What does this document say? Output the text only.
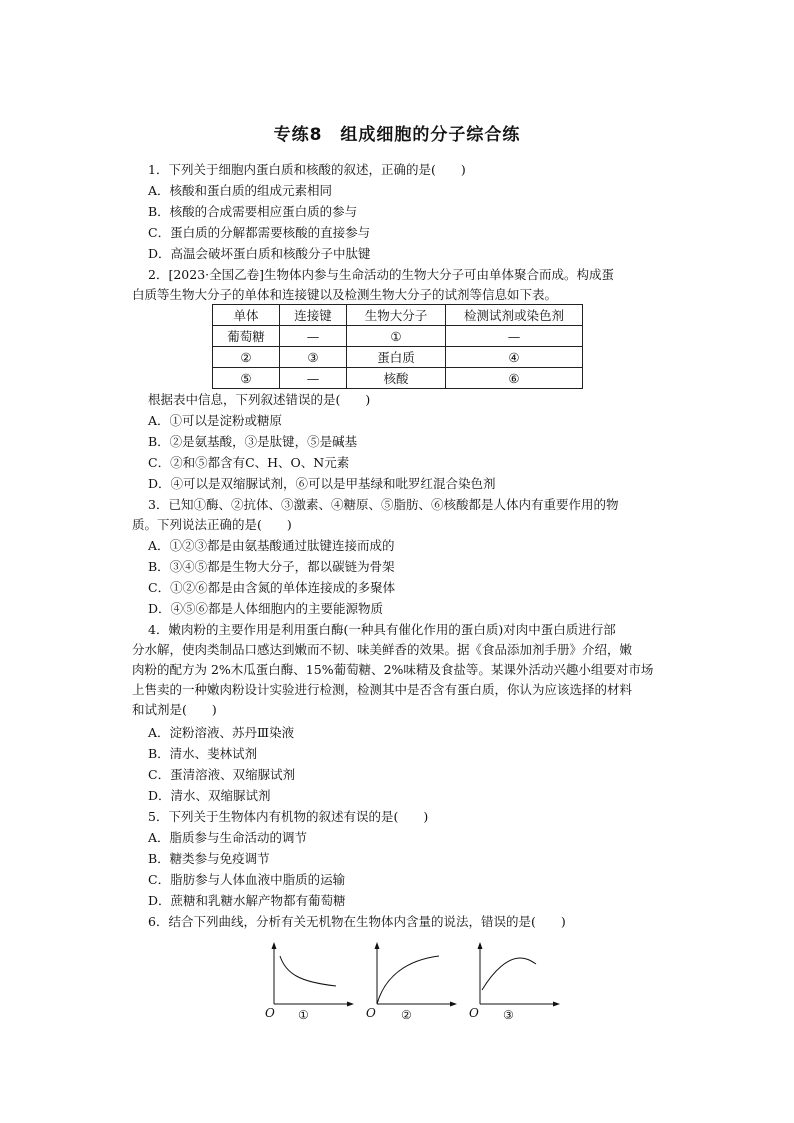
专练8　组成细胞的分子综合练
1．下列关于细胞内蛋白质和核酸的叙述，正确的是(　　)
A．核酸和蛋白质的组成元素相同
B．核酸的合成需要相应蛋白质的参与
C．蛋白质的分解都需要核酸的直接参与
D．高温会破坏蛋白质和核酸分子中肽键
2．[2023·全国乙卷]生物体内参与生命活动的生物大分子可由单体聚合而成。构成蛋
白质等生物大分子的单体和连接键以及检测生物大分子的试剂等信息如下表。
单体	连接键	生物大分子	检测试剂或染色剂
葡萄糖	—	①	—
②	③	蛋白质	④
⑤	—	核酸	⑥
根据表中信息，下列叙述错误的是(　　)
A．①可以是淀粉或糖原
B．②是氨基酸，③是肽键，⑤是碱基
C．②和⑤都含有C、H、O、N元素
D．④可以是双缩脲试剂，⑥可以是甲基绿和吡罗红混合染色剂
3．已知①酶、②抗体、③激素、④糖原、⑤脂肪、⑥核酸都是人体内有重要作用的物
质。下列说法正确的是(　　)
A．①②③都是由氨基酸通过肽键连接而成的
B．③④⑤都是生物大分子，都以碳链为骨架
C．①②⑥都是由含氮的单体连接成的多聚体
D．④⑤⑥都是人体细胞内的主要能源物质
4．嫩肉粉的主要作用是利用蛋白酶(一种具有催化作用的蛋白质)对肉中蛋白质进行部
分水解，使肉类制品口感达到嫩而不韧、味美鲜香的效果。据《食品添加剂手册》介绍，嫩
肉粉的配方为 2%木瓜蛋白酶、15%葡萄糖、2%味精及食盐等。某课外活动兴趣小组要对市场
上售卖的一种嫩肉粉设计实验进行检测，检测其中是否含有蛋白质，你认为应该选择的材料
和试剂是(　　)
A．淀粉溶液、苏丹Ⅲ染液
B．清水、斐林试剂
C．蛋清溶液、双缩脲试剂
D．清水、双缩脲试剂
5．下列关于生物体内有机物的叙述有误的是(　　)
A．脂质参与生命活动的调节
B．糖类参与免疫调节
C．脂肪参与人体血液中脂质的运输
D．蔗糖和乳糖水解产物都有葡萄糖
6．结合下列曲线，分析有关无机物在生物体内含量的说法，错误的是(　　)
O ①	O ②	O ③
